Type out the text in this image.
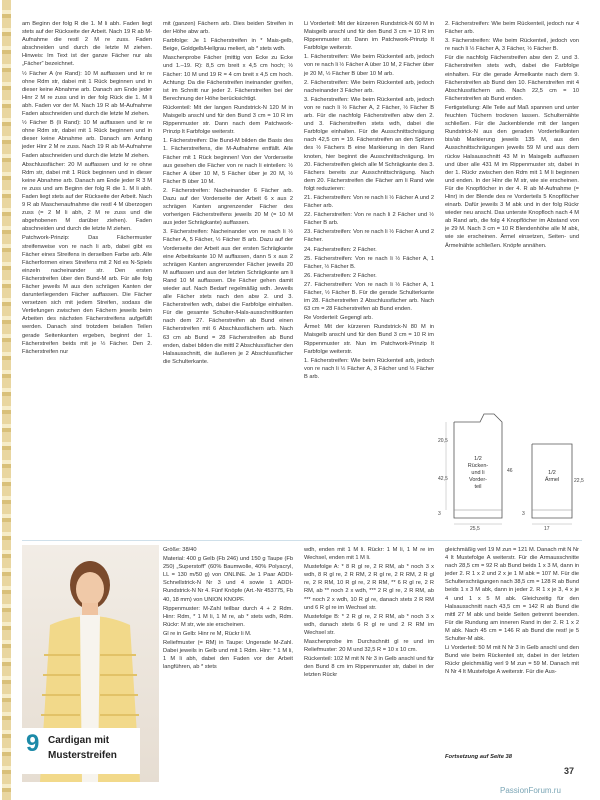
am Beginn der folg R die 1. M li abh. Faden liegt stets auf der Rückseite der Arbeit. Nach 19 R ab M-Aufnahme die restl 2 M re zuss. Faden abschneiden und durch die letzte M ziehen. Hinweis: Im Text ist der ganze Fächer nur als „Fächer“ bezeichnet.

½ Fächer A (re Rand): 10 M auffassen und kr re ohne Rdm str, dabei mit 1 Rück beginnen und in dieser keine Abnahme arb. Danach am Ende jeder Hinr 2 M re zuss und in der folg Rück die 1. M li abh. Faden vor der M. Nach 19 R ab M-Aufnahme Faden abschneiden und durch die letzte M ziehen.

½ Fächer B (li Rand): 10 M auffassen und kr re ohne Rdm str, dabei mit 1 Rück beginnen und in dieser keine Abnahme arb. Danach am Anfang jeder Hinr 2 M re zuss. Nach 19 R ab M-Aufnahme Faden abschneiden und durch die letzte M ziehen.

Abschlussfächer: 20 M auffassen und kr re ohne Rdm str, dabei mit 1 Rück beginnen und in dieser keine Abnahme arb. Danach am Ende jeder R 3 M re zuss und am Beginn der folg R die 1. M li abh. Faden liegt stets auf der Rückseite der Arbeit. Nach 9 R ab Maschenaufnahme die restl 4 M überzogen zuss (= 2 M li abh, 2 M re zuss und die abgehobenen M darüber ziehen). Faden abschneiden und durch die letzte M ziehen.

Patchwork-Prinzip: Das Fächermuster streifenweise von re nach li arb, dabei gibt es Fächer eines Streifens in derselben Farbe arb. Alle Fächerformen eines Streifens mit 2 Nd es N-Spiels einzeln nacheinander str. Den ersten Fächerstreifen über den Bund-M arb. Für alle folg Fächer jeweils M aus den schrägen Kanten der darunterliegenden Fächer auffassen. Die Fächer versetzen sich mit jedem Streifen, sodass die Vertiefungen zwischen den Fächern jeweils beim Arbeiten des nächsten Fächerstreifens aufgefüllt werden. Danach sind trotzdem beiallen Teilen gerade Seitenkanten ergeben, beginnt der 1. Fächerstreifen beids mit je ½ Fächer. Den 2. Fächerstreifen nur

mit (ganzen) Fächern arb. Dies beiden Streifen in der Höhe abw arb.

Farbfolge: Je 1 Fächerstreifen in * Mais-gelb, Beige, Goldgelb/Hellgrau meliert, ab * stets wdh.

Maschenprobe Fächer (mittig von Ecke zu Ecke und 1.–19. R): 8,5 cm breit x 4,5 cm hoch; ½ Fächer: 10 M und 19 R = 4 cm breit x 4,5 cm hoch. Achtung: Da die Fächerstreifen ineinander greifen, ist im Schnitt nur jeder 2. Fächerstreifen bei der Berechnung der Höhe berücksichtigt.

Rückenteil: Mit der langen Rundstrick-N 120 M in Maisgelb anschl und für den Bund 3 cm = 10 R im Rippenmuster str. Dann nach dem Patchwork-Prinzip lt Farbfolge weiterstr.

1. Fächerstreifen: Die Bund-M bilden die Basis des 1. Fächerstreifens, die M-Aufnahme entfällt. Alle Fächer mit 1 Rück beginnen! Von der Vorderseite aus gesehen die Fächer von re nach li einteilen: ½ Fächer A über 10 M, 5 Fächer über je 20 M, ½ Fächer B über 10 M.

2. Fächerstreifen: Nacheinander 6 Fächer arb. Dazu auf der Vorderseite der Arbeit 6 x aus 2 schrägen Kanten angrenzender Fächer des vorherigen Fächerstreifens jeweils 20 M (= 10 M aus jeder Schrägkante) auffassen.

3. Fächerstreifen: Nacheinander von re nach li ½ Fächer A, 5 Fächer, ½ Fächer B arb. Dazu auf der Vorderseite der Arbeit aus der ersten Schrägkante eine Arbeitskante 10 M auffassen, dann 5 x aus 2 schrägen Kanten angrenzender Fächer jeweils 20 M auffassen und aus der letzten Schrägkante am li Rand 10 M auffassen. Die Fächer gehen damit wieder auf. Nach Bedarf regelmäßig wdh. Jeweils alle Fächer stets nach den abw 2. und 3. Fächerstreifen wdh, dabei die Farbfolge einhalten. Für die gesamte Schulter-/Hals-ausschnittkanten nach dem 27. Fächerstreifen ab Bund einen Fächerstreifen mit 6 Abschlussfächern arb. Nach 63 cm ab Bund = 28 Fächerstreifen ab Bund enden, dabei bilden die mittl 2 Abschlussfächer den Halsausschnitt, die äußeren je 2 Abschlussfächer die Schulterkante.

Li Vorderteil: Mit der kürzeren Rundstrick-N 60 M in Maisgelb anschl und für den Bund 3 cm = 10 R im Rippenmuster str. Dann im Patchwork-Prinzip lt Farbfolge weiterstr.

1. Fächerstreifen: Wie beim Rückenteil arb, jedoch von re nach li ½ Fächer A über 10 M, 2 Fächer über je 20 M, ½ Fächer B über 10 M arb.

2. Fächerstreifen: Wie beim Rückenteil arb, jedoch nacheinander 3 Fächer arb.

3. Fächerstreifen: Wie beim Rückenteil arb, jedoch von re nach li ½ Fächer A, 2 Fächer, ½ Fächer B arb. Für die nachfolg Fächerstreifen abw den 2. und 3. Fächerstreifen stets wdh, dabei die Farbfolge einhalten. Für die Ausschnittschrägung nach 42,5 cm = 19. Fächerstreifen an den Spitzen des ½ Fächers B eine Markierung in den Rand knoten, hier beginnt die Ausschnittschrägung. Im 20. Fächerstreifen gleich alle M Schrägkante des 3. Fächers bereits zur Ausschnittschrägung. Nach dem 20. Fächerstreifen die Fächer am li Rand wie folgt reduzieren:

21. Fächerstreifen: Von re nach li ½ Fächer A und 2 Fächer arb.

22. Fächerstreifen: Von re nach li 2 Fächer und ½ Fächer B arb.

23. Fächerstreifen: Von re nach li ½ Fächer A und 2 Fächer.

24. Fächerstreifen: 2 Fächer.

25. Fächerstreifen: Von re nach li ½ Fächer A, 1 Fächer, ½ Fächer B.

26. Fächerstreifen: 2 Fächer.

27. Fächerstreifen: Von re nach li ½ Fächer A, 1 Fächer, ½ Fächer B. Für die gerade Schulterkante im 28. Fächerstreifen 2 Abschlussfächer arb. Nach 63 cm = 28 Fächerstreifen ab Bund enden.

Re Vorderteil: Gegengl arb.

Ärmel: Mit der kürzeren Rundstrick-N 80 M in Maisgelb anschl und für den Bund 3 cm = 10 R im Rippenmuster str. Nun im Patchwork-Prinzip lt Farbfolge weiterstr.

1. Fächerstreifen: Wie beim Rückenteil arb, jedoch von re nach li ½ Fächer A, 3 Fächer und ½ Fächer B arb.

2. Fächerstreifen: Wie beim Rückenteil, jedoch nur 4 Fächer arb.

3. Fächerstreifen: Wie beim Rückenteil, jedoch von re nach li ½ Fächer A, 3 Fächer, ½ Fächer B.

Für die nachfolg Fächerstreifen abw den 2. und 3. Fächerstreifen stets wdh, dabei die Farbfolge einhalten. Für die gerade Ärmelkante nach dem 9. Fächerstreifen ab Bund den 10. Fächerstreifen mit 4 Abschlussfächern arb. Nach 22,5 cm = 10 Fächerstreifen ab Bund enden.

Fertigstellung: Alle Teile auf Maß spannen und unter feuchten Tüchern trocknen lassen. Schulternähte schließen. Für die Jackenblende mit der langen Rundstrick-N aus den geraden Vorderteilkanten bis/ab Markierung jeweils 135 M, aus den Ausschnittschrägungen jeweils 59 M und aus dem rückw Halsausschnitt 43 M in Maisgelb auffassen und über alle 431 M im Rippenmuster str, dabei in der 1. Rückr zwischen den Rdm mit 1 M li beginnen und enden. In der Hinr die M str, wie sie erscheinen. Für die Knopflöcher in der 4. R ab M-Aufnahme (= Hinr) in der Blende des re Vorderteils 5 Knopflöcher einarb. Dafür jeweils 3 M abk und in der folg Rückr wieder neu anschl. Das unterste Knopfloch nach 4 M ab Rand arb, die folg 4 Knopflöcher im Abstand von je 29 M. Nach 3 cm = 10 R Blendenhöhe alle M abk, wie sie erscheinen. Ärmel einsetzen, Seiten- und Ärmelnähte schließen. Knöpfe annähen.

1/2
Rücken-
und li
Vorder-
teil
1/2
Ärmel
20,5
42,5
3
46
3
22,5
25,5	17
9 Cardigan mit
Musterstreifen

Größe: 38/40

Material: 400 g Gelb (Fb 246) und 150 g Taupe (Fb 250) „Superstoff“ (60% Baumwolle, 40% Polyacryl, LL = 130 m/50 g) von ONLINE. Je 1 Paar ADDI-Schnellstrick-N Nr 3 und 4 sowie 1 ADDI-Rundstrick-N Nr 4. Fünf Knöpfe (Art.-Nr 453775, Fb 40, 18 mm) von UNION KNOPF.

Rippenmuster: M-Zahl teilbar durch 4 + 2 Rdm. Hinr: Rdm, * 1 M li, 1 M re, ab * stets wdh, Rdm. Rückr: M str, wie sie erscheinen.

Gl re in Gelb: Hinr re M, Rückr li M.

Reliefmuster (= RM) in Taupe: Ungerade M-Zahl. Dabei jeweils in Gelb und mit 1 Rdm. Hinr: * 1 M li, 1 M li abh, dabei den Faden vor der Arbeit langführen, ab * stets

wdh, enden mit 1 M li. Rückr: 1 M li, 1 M re im Wechsel, enden mit 1 M li.

Mustefolge A: * 8 R gl re, 2 R RM, ab * noch 3 x wdh, 8 R gl re, 2 R RM, 2 R gl re, 2 R RM, 2 R gl re, 2 R RM, 10 R gl re, 2 R RM, ** 6 R gl re, 2 R RM, ab ** noch 2 x wdh, *** 2 R gl re, 2 R RM, ab *** noch 2 x wdh, 10 R gl re, danach stets 2 R RM und 6 R gl re im Wechsel str.

Mustefolge B: * 2 R gl re, 2 R RM, ab * noch 3 x wdh, danach stets 6 R gl re und 2 R RM im Wechsel str.

Maschenprobe im Durchschnitt gl re und im Reliefmuster: 20 M und 32,5 R = 10 x 10 cm.

Rückenteil: 102 M mit N Nr 3 in Gelb anschl und für den Bund 8 cm im Rippenmuster str, dabei in der letzten Rückr

gleichmäßig verl 19 M zun = 121 M. Danach mit N Nr 4 lt Mustefolge A weiterstr. Für die Armausschnitte nach 28,5 cm = 92 R ab Bund beids 1 x 3 M, dann in jeder 2. R 1 x 2 und 2 x je 1 M abk = 107 M. Für die Schulterschrägungen nach 38,5 cm = 128 R ab Bund beids 1 x 3 M abk, dann in jeder 2. R 1 x je 3, 4 x je 4 und 1 x 5 M abk. Gleichzeitig für den Halsausschnitt nach 43,5 cm = 142 R ab Bund die mittl 27 M abk und beide Seiten getrennt beenden. Für die Rundung am inneren Rand in der 2. R 1 x 2 M abk. Nach 45 cm = 146 R ab Bund die rest! je 5 Schulter-M abk.

Li Vorderteil: 50 M mit N Nr 3 in Gelb anschl und den Bund wie beim Rückenteil str, dabei in der letzten Rückr gleichmäßig verl 9 M zun = 59 M. Danach mit N Nr 4 lt Mustefolge A weiterstr. Für die Aus-

Fortsetzung auf Seite 38
37
PassionForum.ru
